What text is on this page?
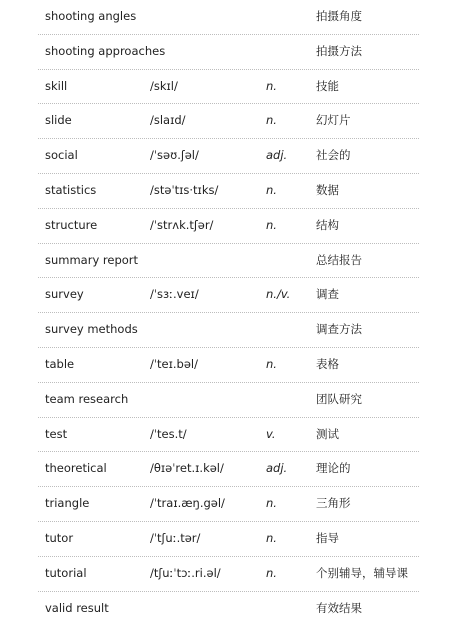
shooting angles	拍摄角度
shooting approaches	拍摄方法
skill	/skɪl/	n.	技能
slide	/slaɪd/	n.	幻灯片
social	/ˈsəʊ.ʃəl/	adj.	社会的
statistics	/stəˈtɪs·tɪks/	n.	数据
structure	/ˈstrʌk.tʃər/	n.	结构
summary report	总结报告
survey	/ˈsɜː.veɪ/	n./v. 调查
survey methods	调查方法
table	/ˈteɪ.bəl/	n.	表格
team research	团队研究
test	/ˈtes.t/	v.	测试
theoretical	/θɪəˈret.ɪ.kəl/	adj.	理论的
triangle	/ˈtraɪ.æŋ.gəl/	n.	三角形
tutor	/ˈtʃuː.tər/	n.	指导
tutorial	/tʃuːˈtɔː.ri.əl/	n.	个别辅导，辅导课
valid result	有效结果
